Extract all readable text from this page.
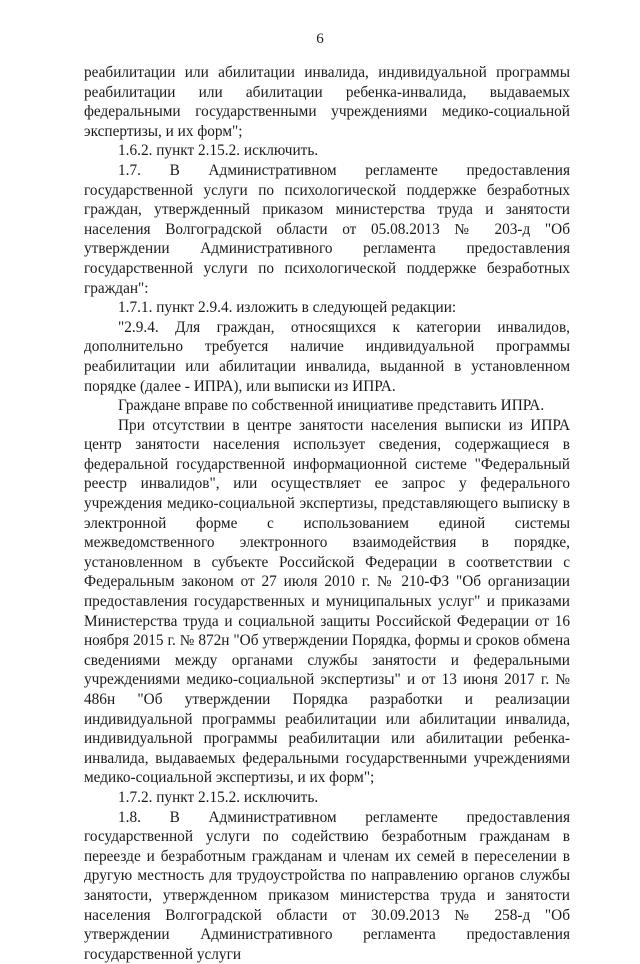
6

реабилитации или абилитации инвалида, индивидуальной программы реабилитации или абилитации ребенка-инвалида, выдаваемых федеральными государственными учреждениями медико-социальной экспертизы, и их форм";

1.6.2. пункт 2.15.2. исключить.

1.7. В Административном регламенте предоставления государственной услуги по психологической поддержке безработных граждан, утвержденный приказом министерства труда и занятости населения Волгоградской области от 05.08.2013 № 203-д "Об утверждении Административного регламента предоставления государственной услуги по психологической поддержке безработных граждан":

1.7.1. пункт 2.9.4. изложить в следующей редакции:

"2.9.4. Для граждан, относящихся к категории инвалидов, дополнительно требуется наличие индивидуальной программы реабилитации или абилитации инвалида, выданной в установленном порядке (далее - ИПРА), или выписки из ИПРА.

Граждане вправе по собственной инициативе представить ИПРА.

При отсутствии в центре занятости населения выписки из ИПРА центр занятости населения использует сведения, содержащиеся в федеральной государственной информационной системе "Федеральный реестр инвалидов", или осуществляет ее запрос у федерального учреждения медико-социальной экспертизы, представляющего выписку в электронной форме с использованием единой системы межведомственного электронного взаимодействия в порядке, установленном в субъекте Российской Федерации в соответствии с Федеральным законом от 27 июля 2010 г. № 210-ФЗ "Об организации предоставления государственных и муниципальных услуг" и приказами Министерства труда и социальной защиты Российской Федерации от 16 ноября 2015 г. № 872н "Об утверждении Порядка, формы и сроков обмена сведениями между органами службы занятости и федеральными учреждениями медико-социальной экспертизы" и от 13 июня 2017 г. № 486н "Об утверждении Порядка разработки и реализации индивидуальной программы реабилитации или абилитации инвалида, индивидуальной программы реабилитации или абилитации ребенка-инвалида, выдаваемых федеральными государственными учреждениями медико-социальной экспертизы, и их форм";

1.7.2. пункт 2.15.2. исключить.

1.8. В Административном регламенте предоставления государственной услуги по содействию безработным гражданам в переезде и безработным гражданам и членам их семей в переселении в другую местность для трудоустройства по направлению органов службы занятости, утвержденном приказом министерства труда и занятости населения Волгоградской области от 30.09.2013 № 258-д "Об утверждении Административного регламента предоставления государственной услуги
